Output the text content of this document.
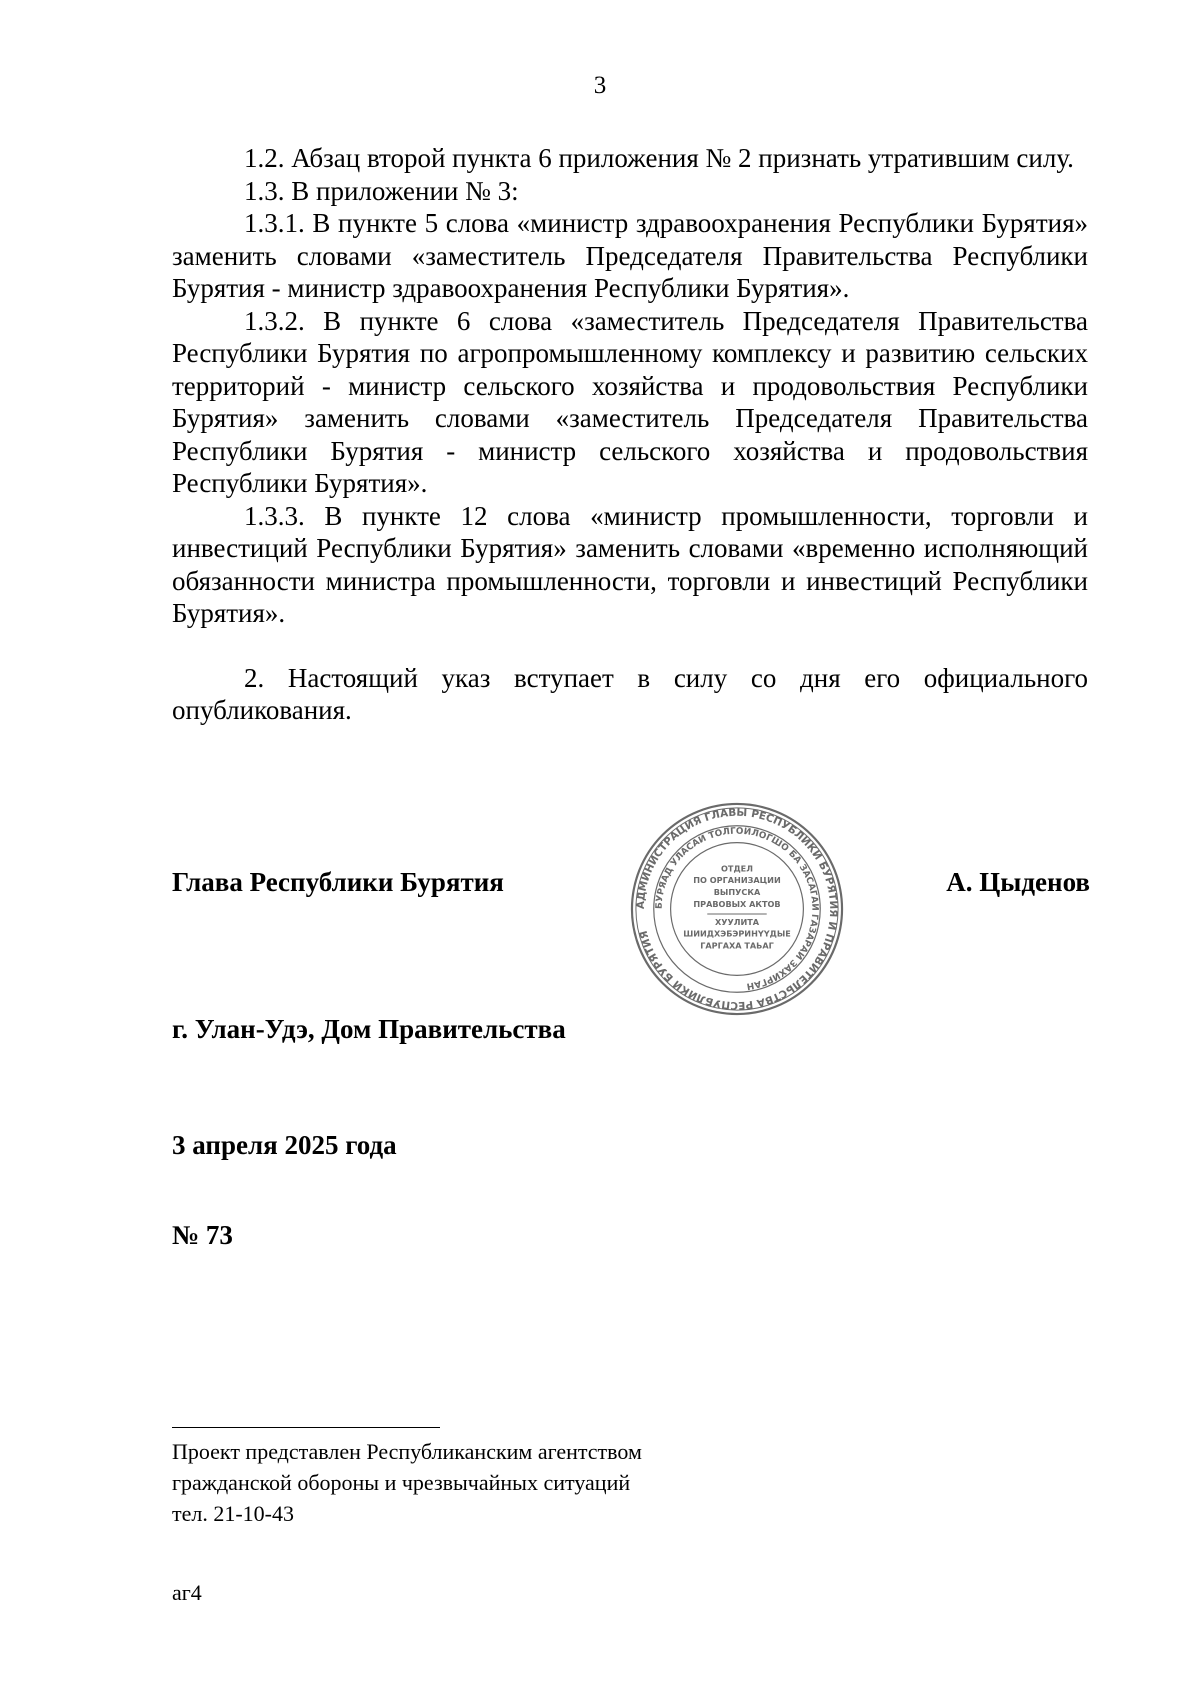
3

1.2. Абзац второй пункта 6 приложения № 2 признать утратившим силу.

1.3. В приложении № 3:

1.3.1. В пункте 5 слова «министр здравоохранения Республики Бурятия» заменить словами «заместитель Председателя Правительства Республики Бурятия - министр здравоохранения Республики Бурятия».

1.3.2. В пункте 6 слова «заместитель Председателя Правительства Республики Бурятия по агропромышленному комплексу и развитию сельских территорий - министр сельского хозяйства и продовольствия Республики Бурятия» заменить словами «заместитель Председателя Правительства Республики Бурятия - министр сельского хозяйства и продовольствия Республики Бурятия».

1.3.3. В пункте 12 слова «министр промышленности, торговли и инвестиций Республики Бурятия» заменить словами «временно исполняющий обязанности министра промышленности, торговли и инвестиций Республики Бурятия».

2. Настоящий указ вступает в силу со дня его официального опубликования.

Глава Республики Бурятия
АДМИНИСТРАЦИЯ ГЛАВЫ РЕСПУБЛИКИ БУРЯТИЯ И ПРАВИТЕЛЬСТВА РЕСПУБЛИКИ БУРЯТИЯ
БУРЯАД УЛАСАЙ ТОЛГОЙЛОГШО БА ЗАСАГАЙ ГАЗАРАЙ ЗАХИРГАН
ОТДЕЛ
ПО ОРГАНИЗАЦИИ
ВЫПУСКА
ПРАВОВЫХ АКТОВ
ХУУЛИТА
ШИИДХЭБЭРИНҮҮДЫЕ
ГАРГАХА ТАЬАГ
А. Цыденов
г. Улан-Удэ, Дом Правительства
3 апреля 2025 года
№ 73
Проект представлен Республиканским агентством
гражданской обороны и чрезвычайных ситуаций
тел. 21-10-43
аг4
